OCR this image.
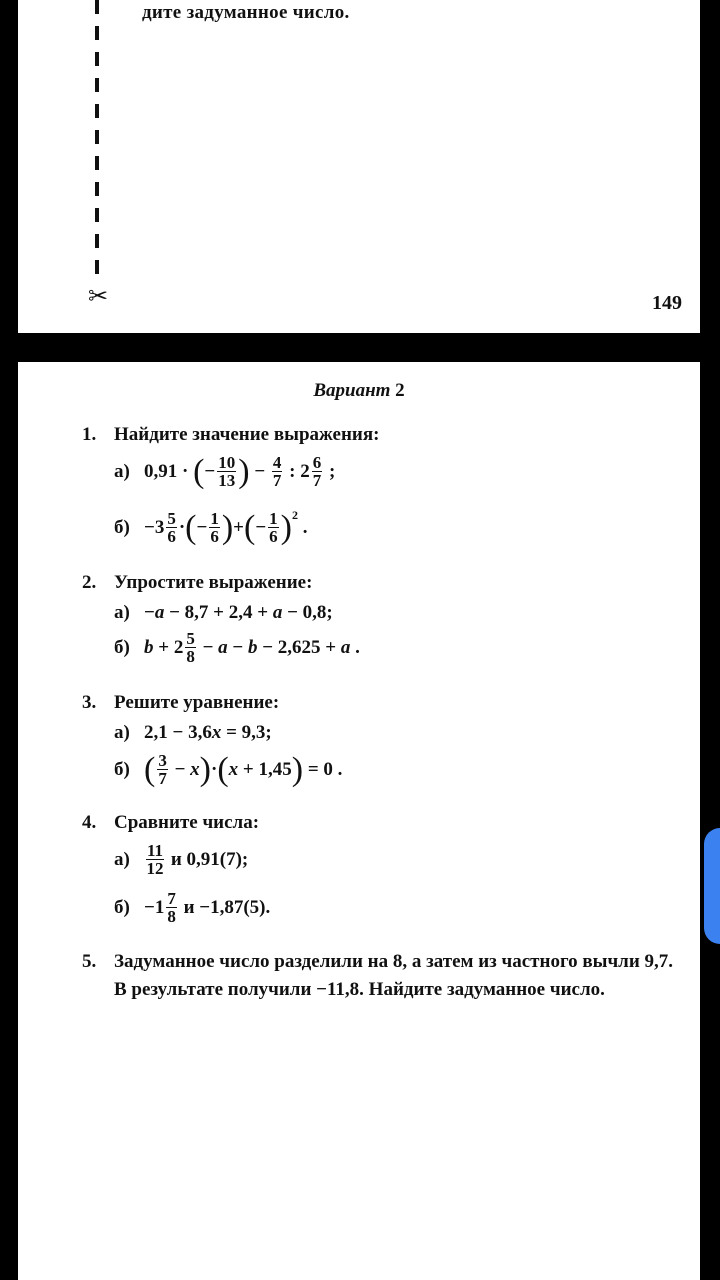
✂
дите задуманное число.
149
Вариант 2
1. Найдите значение выражения:
а) 0,91 · ( − $\frac{10}{13}$ ) − $\frac{4}{7}$ : $2 \frac{6}{7}$ ;
$б) -3 \frac{5}{6}$ · ( − $\frac{1}{6}$ ) + ( − $\frac{1}{6}$ ) 2
.
2. Упростите выражение:
а) − a − 8,7 + 2,4 + a − 0,8;
б) $b + 2 \frac{5}{8} - a - b - 2,625 + a$ .
3. Решите уравнение:
а) 2,1 − 3,6 x = 9,3;
б) ( $\frac{3}{7} - x$ ) · ( x + 1,45 ) = 0 .
4. Сравните числа:
$а) \frac{11}{12}$ и 0,91(7);
$б) -1 \frac{7}{8}$ и −1,87(5).
5. Задуманное число разделили на 8, а затем из частного вычли 9,7. В результате получили −11,8. Найдите задуманное число.
